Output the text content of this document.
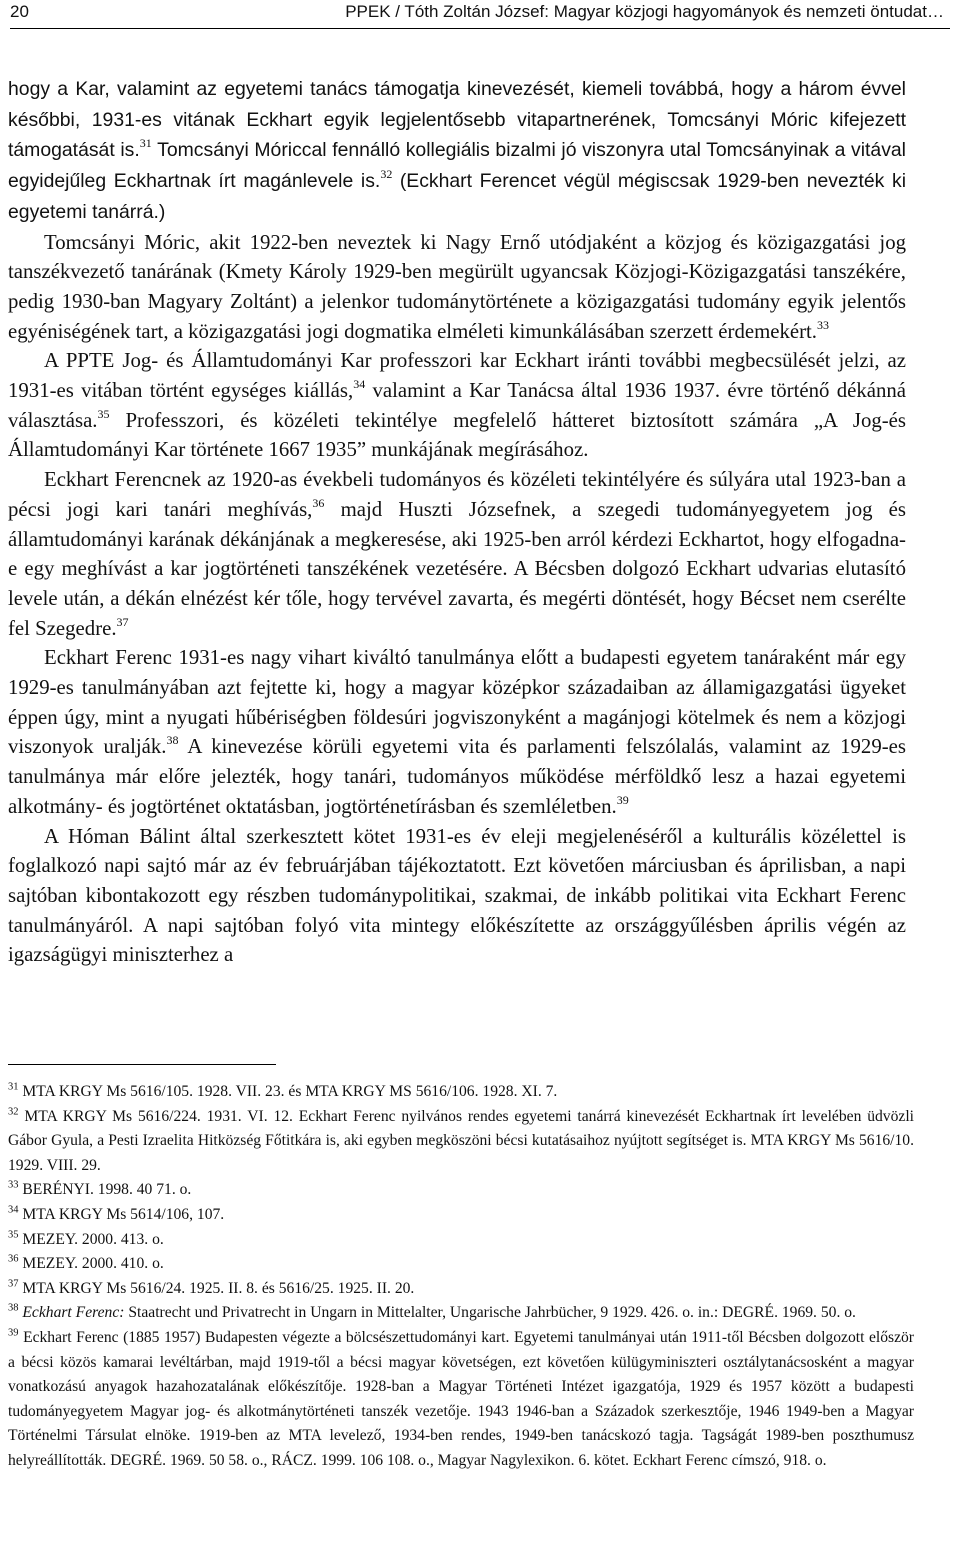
20	PPEK / Tóth Zoltán József: Magyar közjogi hagyományok és nemzeti öntudat…

hogy a Kar, valamint az egyetemi tanács támogatja kinevezését, kiemeli továbbá, hogy a három évvel későbbi, 1931-es vitának Eckhart egyik legjelentősebb vitapartnerének, Tomcsányi Móric kifejezett támogatását is.$^{31}$ Tomcsányi Móriccal fennálló kollegiális bizalmi jó viszonyra utal Tomcsányinak a vitával egyidejűleg Eckhartnak írt magánlevele is.$^{32}$ (Eckhart Ferencet végül mégiscsak 1929-ben nevezték ki egyetemi tanárrá.)

Tomcsányi Móric, akit 1922-ben neveztek ki Nagy Ernő utódjaként a közjog és közigazgatási jog tanszékvezető tanárának (Kmety Károly 1929-ben megürült ugyancsak Közjogi-Közigazgatási tanszékére, pedig 1930-ban Magyary Zoltánt) a jelenkor tudománytörténete a közigazgatási tudomány egyik jelentős egyéniségének tart, a közigazgatási jogi dogmatika elméleti kimunkálásában szerzett érdemekért.$^{33}$

A PPTE Jog- és Államtudományi Kar professzori kar Eckhart iránti további megbecsülését jelzi, az 1931-es vitában történt egységes kiállás,$^{34}$ valamint a Kar Tanácsa által 1936 1937. évre történő dékánná választása.$^{35}$ Professzori, és közéleti tekintélye megfelelő hátteret biztosított számára „A Jog-és Államtudományi Kar története 1667 1935” munkájának megírásához.

Eckhart Ferencnek az 1920-as évekbeli tudományos és közéleti tekintélyére és súlyára utal 1923-ban a pécsi jogi kari tanári meghívás,$^{36}$ majd Huszti Józsefnek, a szegedi tudományegyetem jog és államtudományi karának dékánjának a megkeresése, aki 1925-ben arról kérdezi Eckhartot, hogy elfogadna-e egy meghívást a kar jogtörténeti tanszékének vezetésére. A Bécsben dolgozó Eckhart udvarias elutasító levele után, a dékán elnézést kér tőle, hogy tervével zavarta, és megérti döntését, hogy Bécset nem cserélte fel Szegedre.$^{37}$

Eckhart Ferenc 1931-es nagy vihart kiváltó tanulmánya előtt a budapesti egyetem tanáraként már egy 1929-es tanulmányában azt fejtette ki, hogy a magyar középkor századaiban az államigazgatási ügyeket éppen úgy, mint a nyugati hűbériségben földesúri jogviszonyként a magánjogi kötelmek és nem a közjogi viszonyok uralják.$^{38}$ A kinevezése körüli egyetemi vita és parlamenti felszólalás, valamint az 1929-es tanulmánya már előre jelezték, hogy tanári, tudományos működése mérföldkő lesz a hazai egyetemi alkotmány- és jogtörténet oktatásban, jogtörténetírásban és szemléletben.$^{39}$

A Hóman Bálint által szerkesztett kötet 1931-es év eleji megjelenéséről a kulturális közélettel is foglalkozó napi sajtó már az év februárjában tájékoztatott. Ezt követően márciusban és áprilisban, a napi sajtóban kibontakozott egy részben tudománypolitikai, szakmai, de inkább politikai vita Eckhart Ferenc tanulmányáról. A napi sajtóban folyó vita mintegy előkészítette az országgyűlésben április végén az igazságügyi miniszterhez a

$^{31}$ MTA KRGY Ms 5616/105. 1928. VII. 23. és MTA KRGY MS 5616/106. 1928. XI. 7.

$^{32}$ MTA KRGY Ms 5616/224. 1931. VI. 12. Eckhart Ferenc nyilvános rendes egyetemi tanárrá kinevezését Eckhartnak írt levelében üdvözli Gábor Gyula, a Pesti Izraelita Hitközség Főtitkára is, aki egyben megköszöni bécsi kutatásaihoz nyújtott segítséget is. MTA KRGY Ms 5616/10. 1929. VIII. 29.

$^{33}$ BERÉNYI. 1998. 40 71. o.

$^{34}$ MTA KRGY Ms 5614/106, 107.

$^{35}$ MEZEY. 2000. 413. o.

$^{36}$ MEZEY. 2000. 410. o.

$^{37}$ MTA KRGY Ms 5616/24. 1925. II. 8. és 5616/25. 1925. II. 20.

$^{38}$ Eckhart Ferenc: Staatrecht und Privatrecht in Ungarn in Mittelalter, Ungarische Jahrbücher, 9 1929. 426. o. in.: DEGRÉ. 1969. 50. o.

$^{39}$ Eckhart Ferenc (1885 1957) Budapesten végezte a bölcsészettudományi kart. Egyetemi tanulmányai után 1911-től Bécsben dolgozott először a bécsi közös kamarai levéltárban, majd 1919-től a bécsi magyar követségen, ezt követően külügyminiszteri osztálytanácsosként a magyar vonatkozású anyagok hazahozatalának előkészítője. 1928-ban a Magyar Történeti Intézet igazgatója, 1929 és 1957 között a budapesti tudományegyetem Magyar jog- és alkotmánytörténeti tanszék vezetője. 1943 1946-ban a Századok szerkesztője, 1946 1949-ben a Magyar Történelmi Társulat elnöke. 1919-ben az MTA levelező, 1934-ben rendes, 1949-ben tanácskozó tagja. Tagságát 1989-ben poszthumusz helyreállították. DEGRÉ. 1969. 50 58. o., RÁCZ. 1999. 106 108. o., Magyar Nagylexikon. 6. kötet. Eckhart Ferenc címszó, 918. o.
